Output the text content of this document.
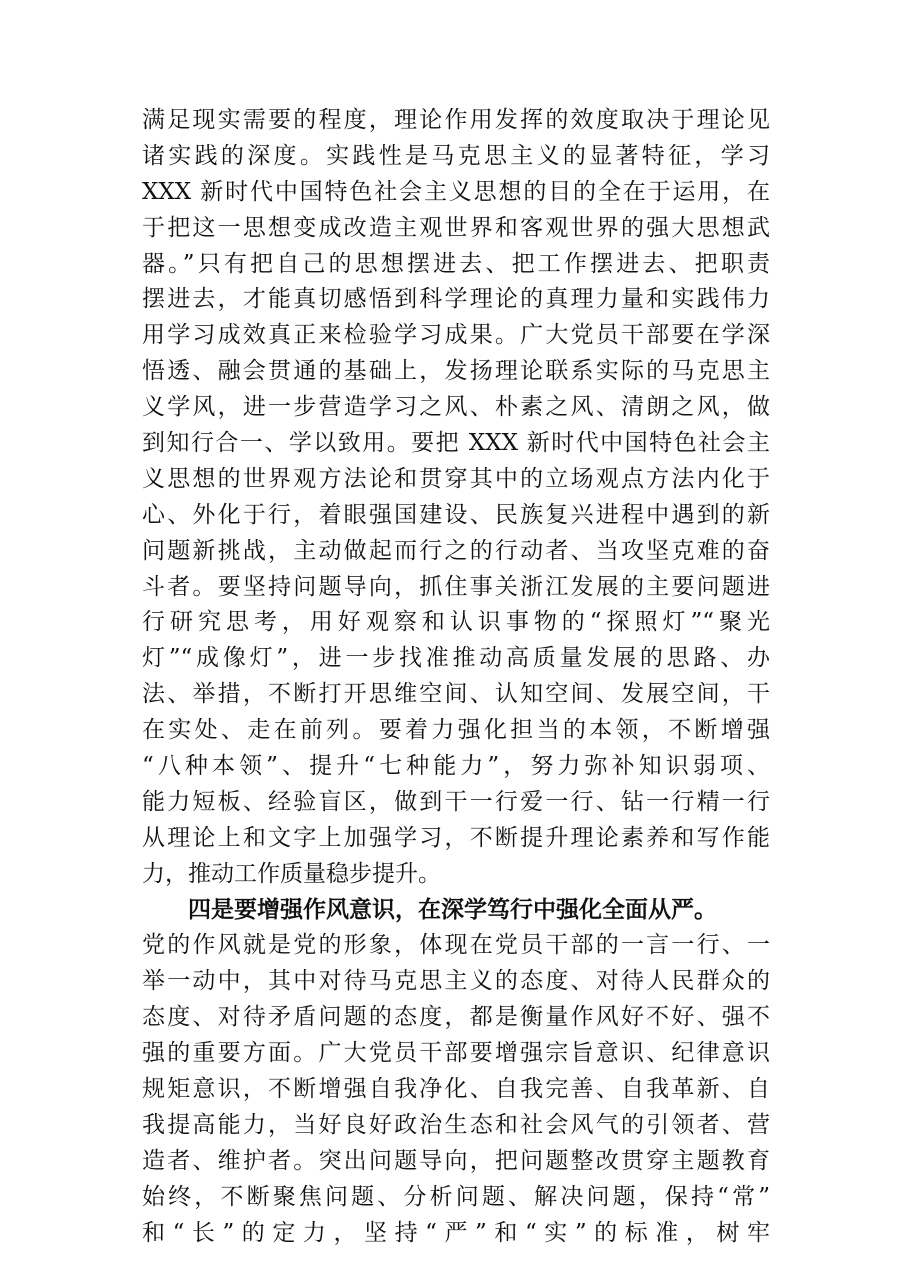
满足现实需要的程度，理论作用发挥的效度取决于理论见
诸实践的深度。实践性是马克思主义的显著特征，学习
XXX 新时代中国特色社会主义思想的目的全在于运用，在
于把这一思想变成改造主观世界和客观世界的强大思想武
器。”只有把自己的思想摆进去、把工作摆进去、把职责
摆进去，才能真切感悟到科学理论的真理力量和实践伟力
用学习成效真正来检验学习成果。广大党员干部要在学深
悟透、融会贯通的基础上，发扬理论联系实际的马克思主
义学风，进一步营造学习之风、朴素之风、清朗之风，做
到知行合一、学以致用。要把 XXX 新时代中国特色社会主
义思想的世界观方法论和贯穿其中的立场观点方法内化于
心、外化于行，着眼强国建设、民族复兴进程中遇到的新
问题新挑战，主动做起而行之的行动者、当攻坚克难的奋
斗者。要坚持问题导向，抓住事关浙江发展的主要问题进
行研究思考，用好观察和认识事物的“探照灯”“聚光
灯”“成像灯”，进一步找准推动高质量发展的思路、办
法、举措，不断打开思维空间、认知空间、发展空间，干
在实处、走在前列。要着力强化担当的本领，不断增强
“八种本领”、提升“七种能力”，努力弥补知识弱项、
能力短板、经验盲区，做到干一行爱一行、钻一行精一行
从理论上和文字上加强学习，不断提升理论素养和写作能
力，推动工作质量稳步提升。
四是要增强作风意识，在深学笃行中强化全面从严。
党的作风就是党的形象，体现在党员干部的一言一行、一
举一动中，其中对待马克思主义的态度、对待人民群众的
态度、对待矛盾问题的态度，都是衡量作风好不好、强不
强的重要方面。广大党员干部要增强宗旨意识、纪律意识
规矩意识，不断增强自我净化、自我完善、自我革新、自
我提高能力，当好良好政治生态和社会风气的引领者、营
造者、维护者。突出问题导向，把问题整改贯穿主题教育
始终，不断聚焦问题、分析问题、解决问题，保持“常”
和“长”的定力，坚持“严”和“实”的标准，树牢
